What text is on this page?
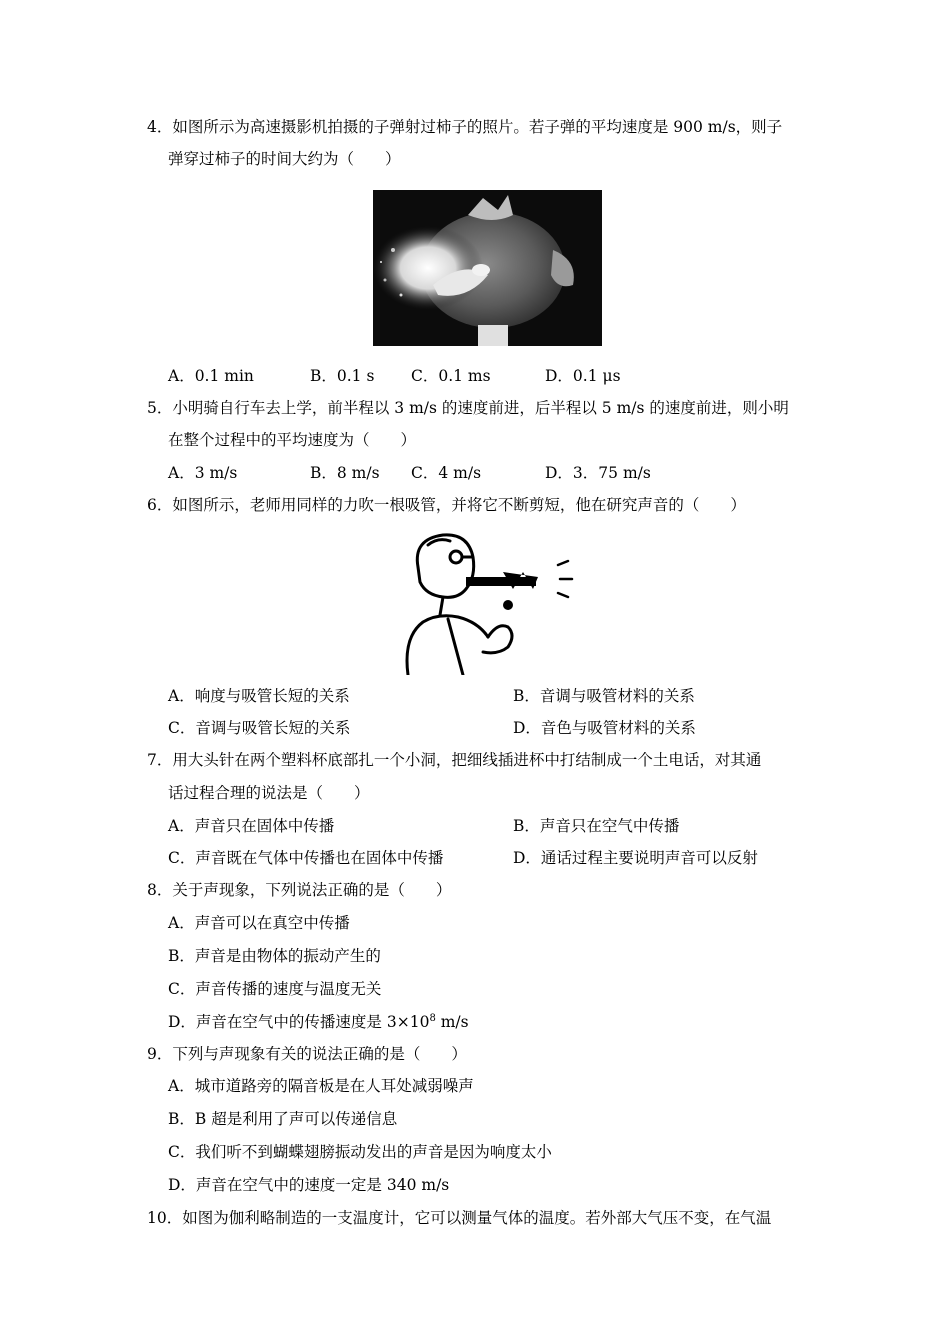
4．如图所示为高速摄影机拍摄的子弹射过柿子的照片。若子弹的平均速度是 900 m/s，则子
弹穿过柿子的时间大约为（　　）
A．0.1 min	B．0.1 s C．0.1 ms	D．0.1 μs
5．小明骑自行车去上学，前半程以 3 m/s 的速度前进，后半程以 5 m/s 的速度前进，则小明
在整个过程中的平均速度为（　　）
A．3 m/s	B．8 m/s C．4 m/s	D．3．75 m/s
6．如图所示，老师用同样的力吹一根吸管，并将它不断剪短，他在研究声音的（　　）
A．响度与吸管长短的关系	B．音调与吸管材料的关系
C．音调与吸管长短的关系	D．音色与吸管材料的关系
7．用大头针在两个塑料杯底部扎一个小洞，把细线插进杯中打结制成一个土电话，对其通
话过程合理的说法是（　　）
A．声音只在固体中传播	B．声音只在空气中传播
C．声音既在气体中传播也在固体中传播	D．通话过程主要说明声音可以反射
8．关于声现象，下列说法正确的是（　　）
A．声音可以在真空中传播
B．声音是由物体的振动产生的
C．声音传播的速度与温度无关
D．声音在空气中的传播速度是 $3\times 10^8$ m/s
9．下列与声现象有关的说法正确的是（　　）
A．城市道路旁的隔音板是在人耳处减弱噪声
B．B 超是利用了声可以传递信息
C．我们听不到蝴蝶翅膀振动发出的声音是因为响度太小
D．声音在空气中的速度一定是 340 m/s
10．如图为伽利略制造的一支温度计，它可以测量气体的温度。若外部大气压不变，在气温
